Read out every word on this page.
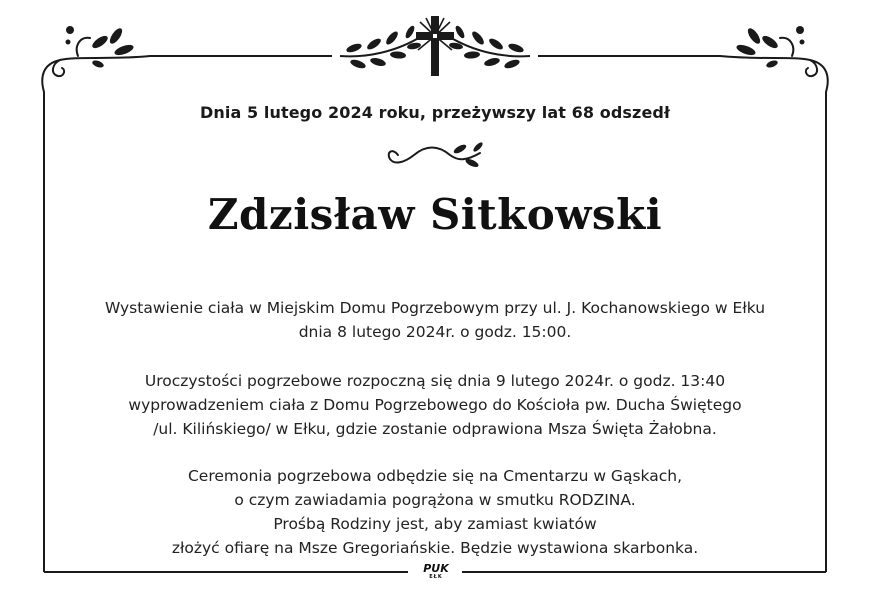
Dnia 5 lutego 2024 roku, przeżywszy lat 68 odszedł
Zdzisław Sitkowski
Wystawienie ciała w Miejskim Domu Pogrzebowym przy ul. J. Kochanowskiego w Ełku
dnia 8 lutego 2024r. o godz. 15:00.
Uroczystości pogrzebowe rozpoczną się dnia 9 lutego 2024r. o godz. 13:40
wyprowadzeniem ciała z Domu Pogrzebowego do Kościoła pw. Ducha Świętego
/ul. Kilińskiego/ w Ełku, gdzie zostanie odprawiona Msza Święta Żałobna.
Ceremonia pogrzebowa odbędzie się na Cmentarzu w Gąskach,
o czym zawiadamia pogrążona w smutku RODZINA.
Prośbą Rodziny jest, aby zamiast kwiatów
złożyć ofiarę na Msze Gregoriańskie. Będzie wystawiona skarbonka.
PUK
EŁK
